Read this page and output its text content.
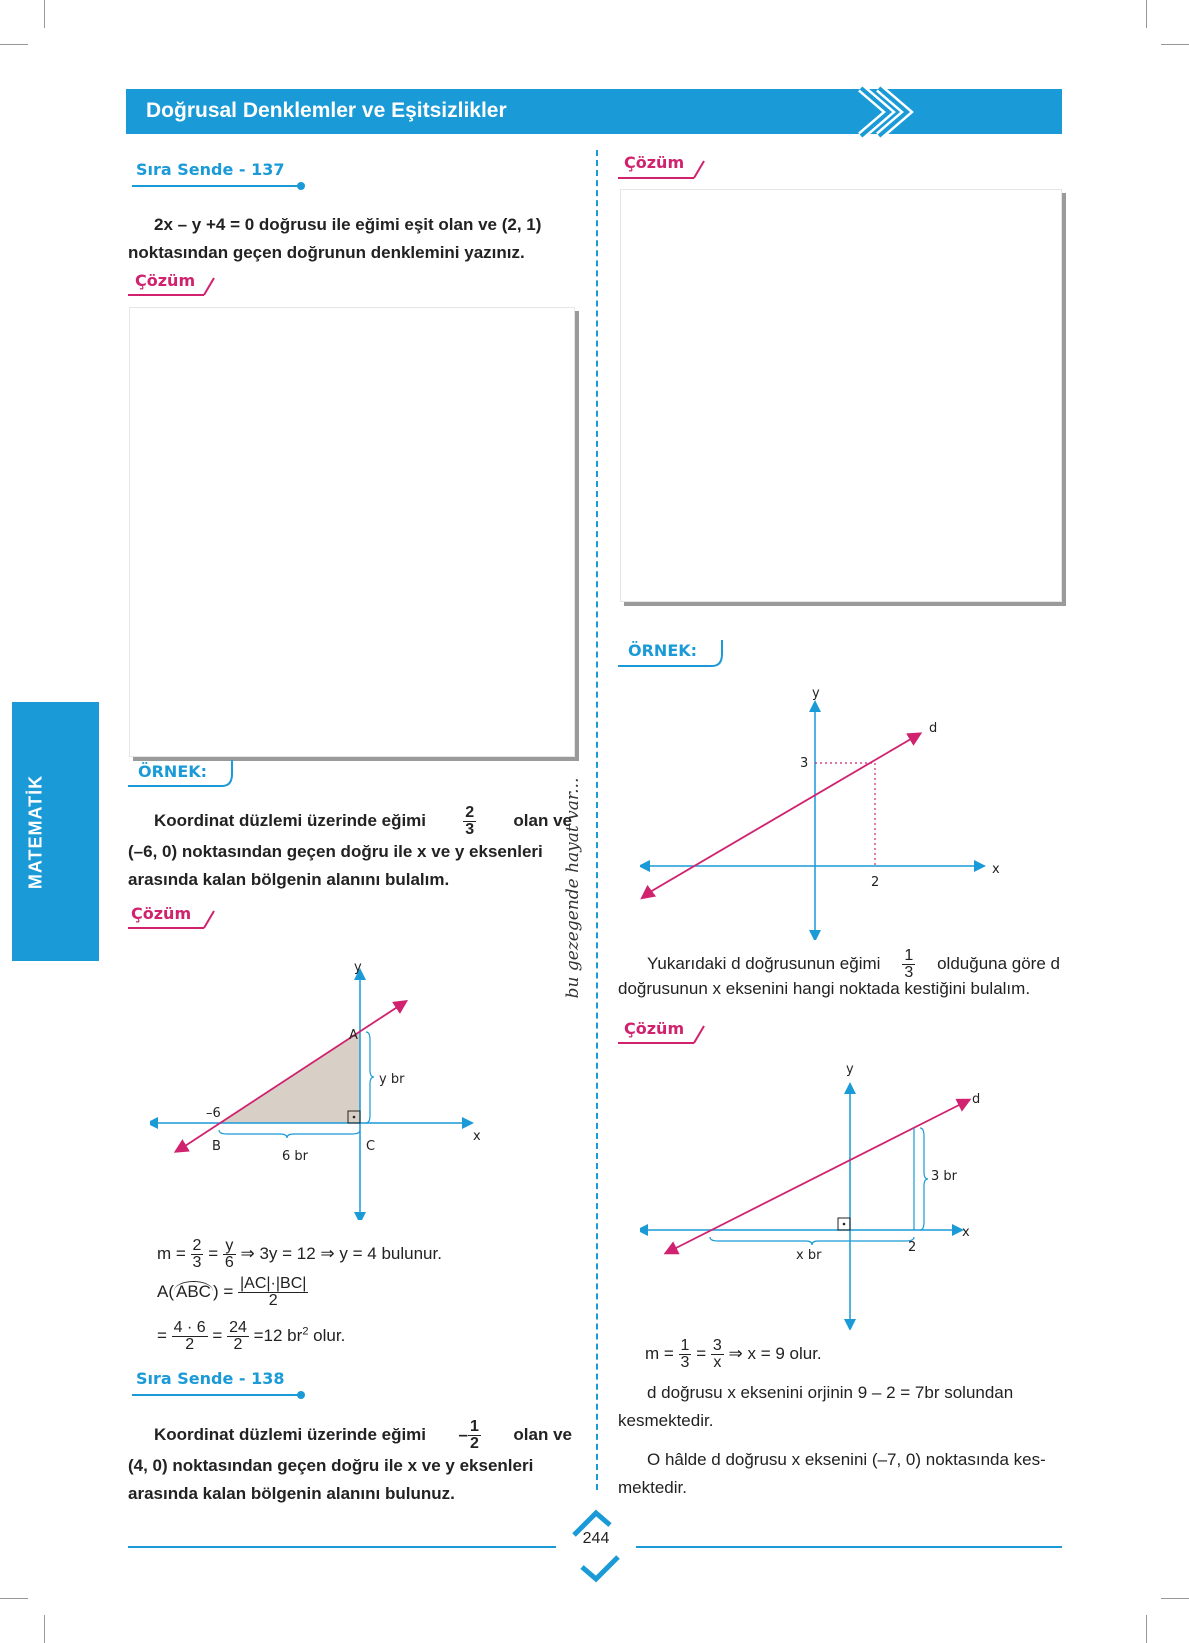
Doğrusal Denklemler ve Eşitsizlikler
MATEMATİK	bu gezegende hayat var...
Sıra Sende - 137
2x – y +4 = 0 doğrusu ile eğimi eşit olan ve (2, 1)
noktasından geçen doğrunun denklemini yazınız.
Çözüm
ÖRNEK:
Koordinat düzlemi üzerinde eğimi $\frac{2}{3}$ olan ve
(–6, 0) noktasından geçen doğru ile x ve y eksenleri
arasında kalan bölgenin alanını bulalım.
Çözüm
y
x
A
B	C
–6
y br
6 br
$m = \frac{2}{3} = \frac{y}{6}$ ⇒ 3y = 12 ⇒ y = 4 bulunur.
A( ABC ) = $\frac{|AC|\cdot|BC|}{2}$
= $\frac{4 \cdot 6}{2} = \frac{24}{2} =12$ $br^2$ olur.
Sıra Sende - 138
Koordinat düzlemi üzerinde eğimi – $\frac{1}{2}$ olan ve
(4, 0) noktasından geçen doğru ile x ve y eksenleri
arasında kalan bölgenin alanını bulunuz.
Çözüm
ÖRNEK:
y
x
d
3
2
Yukarıdaki d doğrusunun eğimi $\frac{1}{3}$ olduğuna göre d
doğrusunun x eksenini hangi noktada kestiğini bulalım.
Çözüm
y
x
d
3 br
x br
2
$m = \frac{1}{3} = \frac{3}{x}$ ⇒ x = 9 olur.
d doğrusu x eksenini orjinin 9 – 2 = 7br solundan
kesmektedir.
O hâlde d doğrusu x eksenini (–7, 0) noktasında kes-
mektedir.
244
